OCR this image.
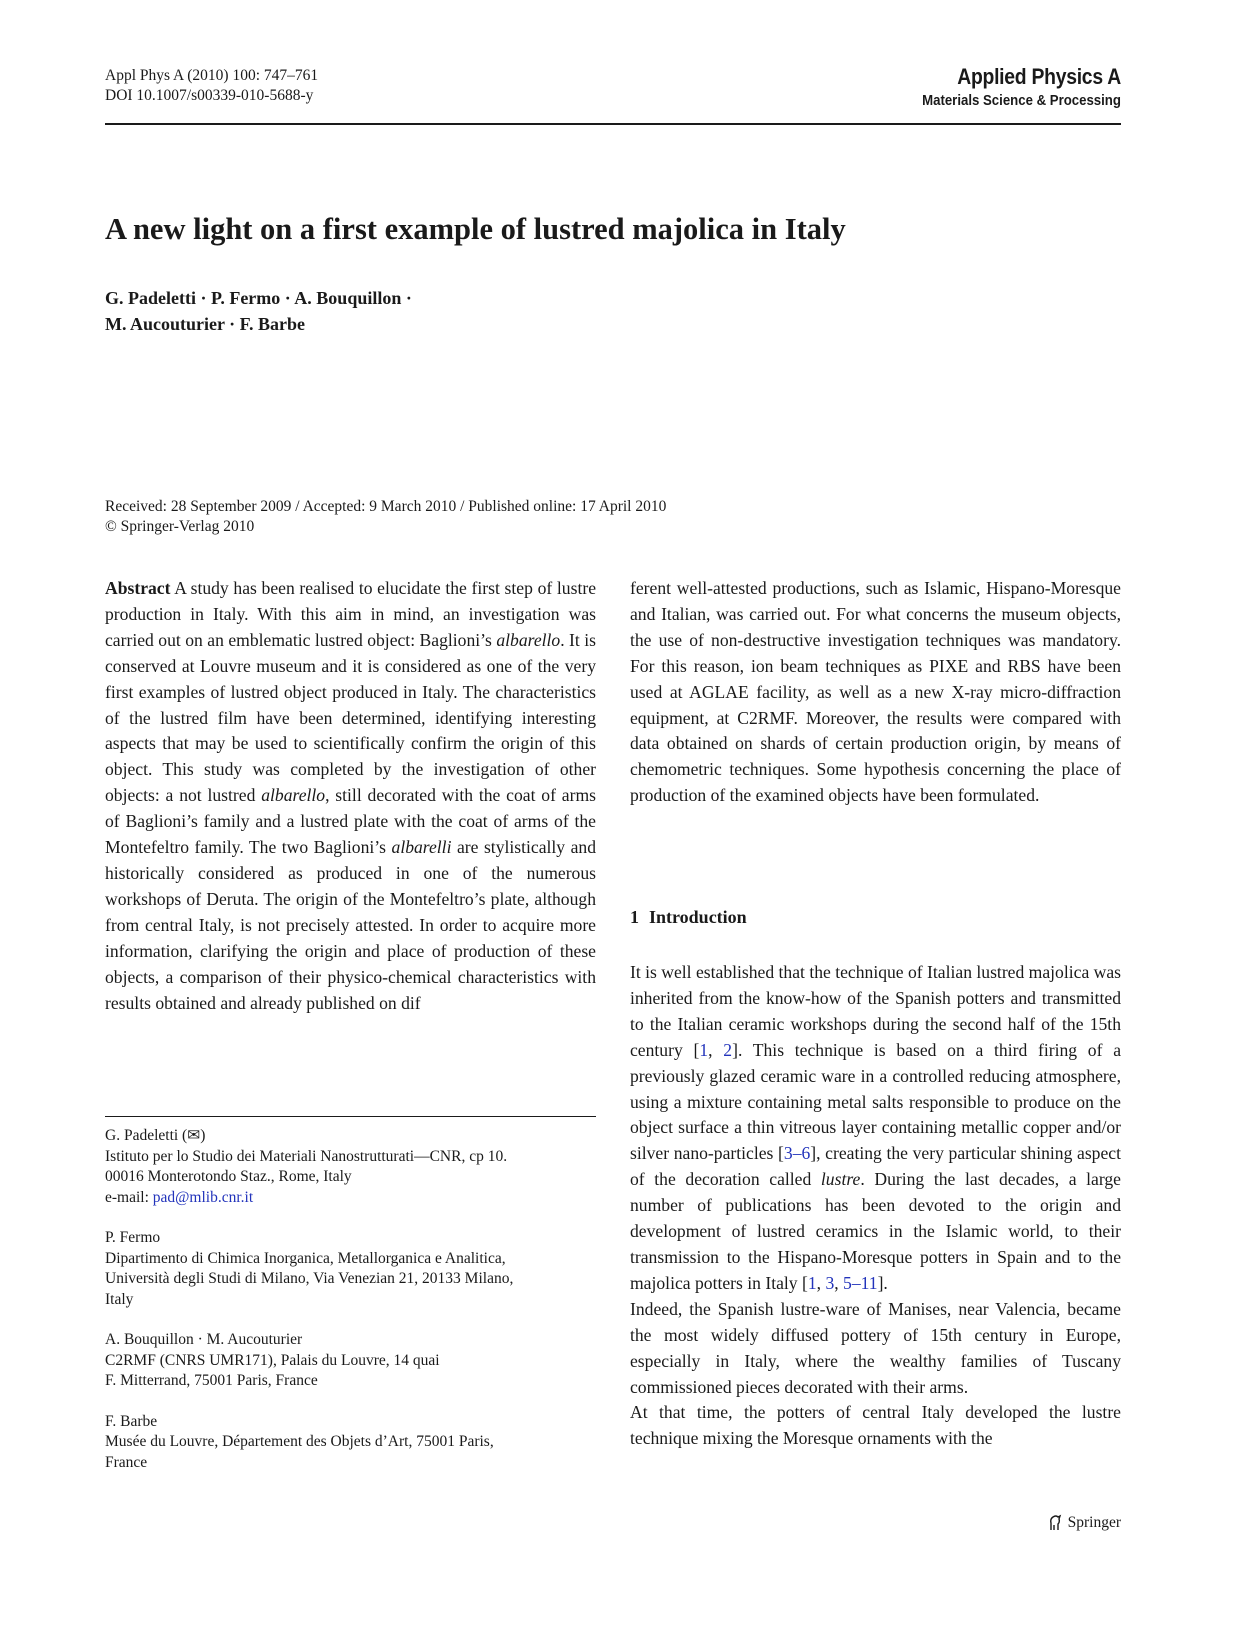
Appl Phys A (2010) 100: 747–761
DOI 10.1007/s00339-010-5688-y
Applied Physics A
Materials Science & Processing
A new light on a first example of lustred majolica in Italy
G. Padeletti · P. Fermo · A. Bouquillon ·
M. Aucouturier · F. Barbe
Received: 28 September 2009 / Accepted: 9 March 2010 / Published online: 17 April 2010
© Springer-Verlag 2010

Abstract A study has been realised to elucidate the first step of lustre production in Italy. With this aim in mind, an investigation was carried out on an emblematic lustred object: Baglioni’s albarello. It is conserved at Louvre museum and it is considered as one of the very first examples of lustred object produced in Italy. The characteristics of the lustred film have been determined, identifying interesting aspects that may be used to scientifically confirm the origin of this object. This study was completed by the investigation of other objects: a not lustred albarello, still decorated with the coat of arms of Baglioni’s family and a lustred plate with the coat of arms of the Montefeltro family. The two Baglioni’s albarelli are stylistically and historically considered as produced in one of the numerous workshops of Deruta. The origin of the Montefeltro’s plate, although from central Italy, is not precisely attested. In order to acquire more information, clarifying the origin and place of production of these objects, a comparison of their physico-chemical characteristics with results obtained and already published on dif

ferent well-attested productions, such as Islamic, Hispano-Moresque and Italian, was carried out. For what concerns the museum objects, the use of non-destructive investigation techniques was mandatory. For this reason, ion beam techniques as PIXE and RBS have been used at AGLAE facility, as well as a new X-ray micro-diffraction equipment, at C2RMF. Moreover, the results were compared with data obtained on shards of certain production origin, by means of chemometric techniques. Some hypothesis concerning the place of production of the examined objects have been formulated.

1 Introduction

It is well established that the technique of Italian lustred majolica was inherited from the know-how of the Spanish potters and transmitted to the Italian ceramic workshops during the second half of the 15th century [1, 2]. This technique is based on a third firing of a previously glazed ceramic ware in a controlled reducing atmosphere, using a mixture containing metal salts responsible to produce on the object surface a thin vitreous layer containing metallic copper and/or silver nano-particles [3–6], creating the very particular shining aspect of the decoration called lustre. During the last decades, a large number of publications has been devoted to the origin and development of lustred ceramics in the Islamic world, to their transmission to the Hispano-Moresque potters in Spain and to the majolica potters in Italy [1, 3, 5–11].

Indeed, the Spanish lustre-ware of Manises, near Valencia, became the most widely diffused pottery of 15th century in Europe, especially in Italy, where the wealthy families of Tuscany commissioned pieces decorated with their arms.

At that time, the potters of central Italy developed the lustre technique mixing the Moresque ornaments with the

G. Padeletti (✉)
Istituto per lo Studio dei Materiali Nanostrutturati—CNR, cp 10.
00016 Monterotondo Staz., Rome, Italy
e-mail: pad@mlib.cnr.it
P. Fermo
Dipartimento di Chimica Inorganica, Metallorganica e Analitica,
Università degli Studi di Milano, Via Venezian 21, 20133 Milano,
Italy
A. Bouquillon · M. Aucouturier
C2RMF (CNRS UMR171), Palais du Louvre, 14 quai
F. Mitterrand, 75001 Paris, France
F. Barbe
Musée du Louvre, Département des Objets d’Art, 75001 Paris,
France
Springer
